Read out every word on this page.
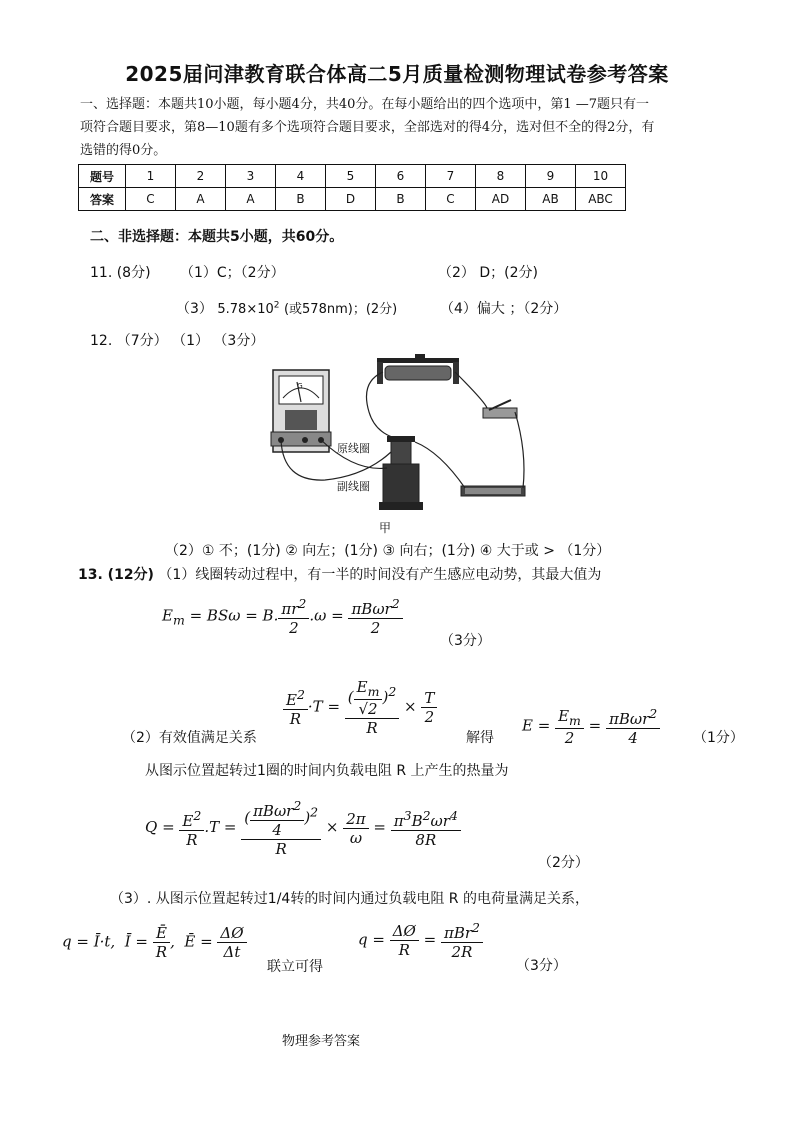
2025届问津教育联合体高二5月质量检测物理试卷参考答案
一、选择题：本题共10小题，每小题4分，共40分。在每小题给出的四个选项中，第1 —7题只有一
项符合题目要求，第8—10题有多个选项符合题目要求，全部选对的得4分，选对但不全的得2分，有
选错的得0分。
题号	1	2	3	4	5	6	7	8	9	10
答案	C	A	A	B	D	B	C	AD	AB	ABC
二、非选择题：本题共5小题，共60分。
11. (8分) （1）C；（2分）	（2） D；(2分)
（3） $5.78\times 10^2$ (或578nm)；(2分)	（4）偏大 ；（2分）
12. （7分） （1） （3分）
G
原线圈
副线圈
甲
（2）① 不；(1分) ② 向左；(1分) ③ 向右；(1分) ④ 大于或 > （1分）
13. (12分) （1）线圈转动过程中，有一半的时间没有产生感应电动势，其最大值为
$E_m = BS\omega = B$. $\frac{\pi r^2}{2} .\omega = \frac{\pi B\omega r^2}{2}$
（3分）
$\frac{E^2}{R} \cdot T = \frac{( \frac{E_m}{√2} )^2}{R} \times \frac{T}{2}$
（2）有效值满足关系	解得
$E = \frac{E_m}{2} = \frac{\pi B\omega r^2}{4} (1$分）
从图示位置起转过1圈的时间内负载电阻 R 上产生的热量为
$Q = \frac{E^2}{R} .T = \frac{( \frac{\pi B\omega r^2}{4} )^2}{R} \times \frac{2\pi}{\omega} = \frac{\pi^3B^2\omega r^4}{8R}$
（2分）
（3）. 从图示位置起转过1/4转的时间内通过负载电阻 R 的电荷量满足关系，
q = Ī·t,  Ī = $\frac{Ē}{R}$ ,  Ē = $\frac{\Delta Ø}{\Delta t}$
联立可得
$q = \frac{\Delta Ø}{R} = \frac{\pi Br^2}{2R}$
（3分）
物理参考答案
